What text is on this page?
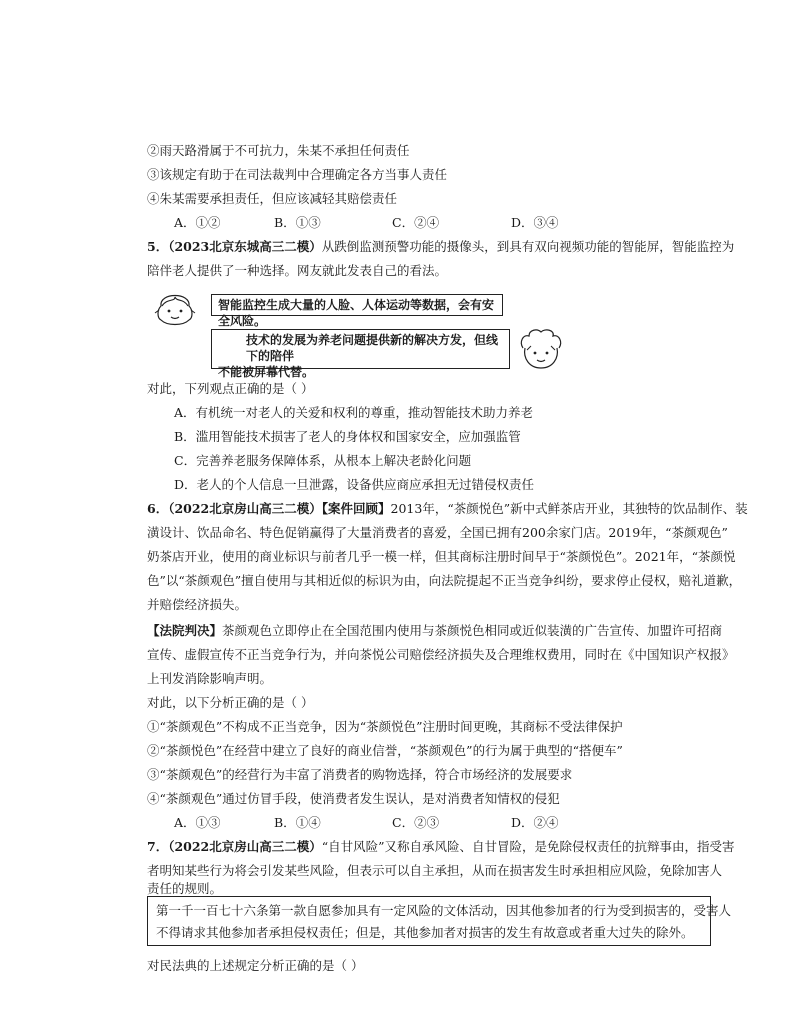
②雨天路滑属于不可抗力，朱某不承担任何责任
③该规定有助于在司法裁判中合理确定各方当事人责任
④朱某需要承担责任，但应该减轻其赔偿责任
A．①②	B．①③	C．②④	D．③④
5．（2023北京东城高三二模）从跌倒监测预警功能的摄像头，到具有双向视频功能的智能屏，智能监控为
陪伴老人提供了一种选择。网友就此发表自己的看法。
智能监控生成大量的人脸、人体运动等数据，会有安全风险。
技术的发展为养老问题提供新的解决方发，但线下的陪伴
不能被屏幕代替。
对此，下列观点正确的是（ ）
A．有机统一对老人的关爱和权利的尊重，推动智能技术助力养老
B．滥用智能技术损害了老人的身体权和国家安全，应加强监管
C．完善养老服务保障体系，从根本上解决老龄化问题
D．老人的个人信息一旦泄露，设备供应商应承担无过错侵权责任
6．（2022北京房山高三二模）【案件回顾】2013年，“茶颜悦色”新中式鲜茶店开业，其独特的饮品制作、装
潢设计、饮品命名、特色促销赢得了大量消费者的喜爱，全国已拥有200余家门店。2019年，“茶颜观色”
奶茶店开业，使用的商业标识与前者几乎一模一样，但其商标注册时间早于“茶颜悦色”。2021年，“茶颜悦
色”以“茶颜观色”擅自使用与其相近似的标识为由，向法院提起不正当竞争纠纷，要求停止侵权，赔礼道歉，
并赔偿经济损失。
【法院判决】茶颜观色立即停止在全国范围内使用与茶颜悦色相同或近似装潢的广告宣传、加盟许可招商
宣传、虚假宣传不正当竞争行为，并向茶悦公司赔偿经济损失及合理维权费用，同时在《中国知识产权报》
上刊发消除影响声明。
对此，以下分析正确的是（ ）
①“茶颜观色”不构成不正当竞争，因为“茶颜悦色”注册时间更晚，其商标不受法律保护
②“茶颜悦色”在经营中建立了良好的商业信誉，“茶颜观色”的行为属于典型的“搭便车”
③“茶颜观色”的经营行为丰富了消费者的购物选择，符合市场经济的发展要求
④“茶颜观色”通过仿冒手段，使消费者发生误认，是对消费者知情权的侵犯
A．①③	B．①④	C．②③	D．②④
7．（2022北京房山高三二模）“自甘风险”又称自承风险、自甘冒险，是免除侵权责任的抗辩事由，指受害
者明知某些行为将会引发某些风险，但表示可以自主承担，从而在损害发生时承担相应风险，免除加害人
责任的规则。
第一千一百七十六条第一款自愿参加具有一定风险的文体活动，因其他参加者的行为受到损害的，受害人
不得请求其他参加者承担侵权责任；但是，其他参加者对损害的发生有故意或者重大过失的除外。
对民法典的上述规定分析正确的是（ ）
